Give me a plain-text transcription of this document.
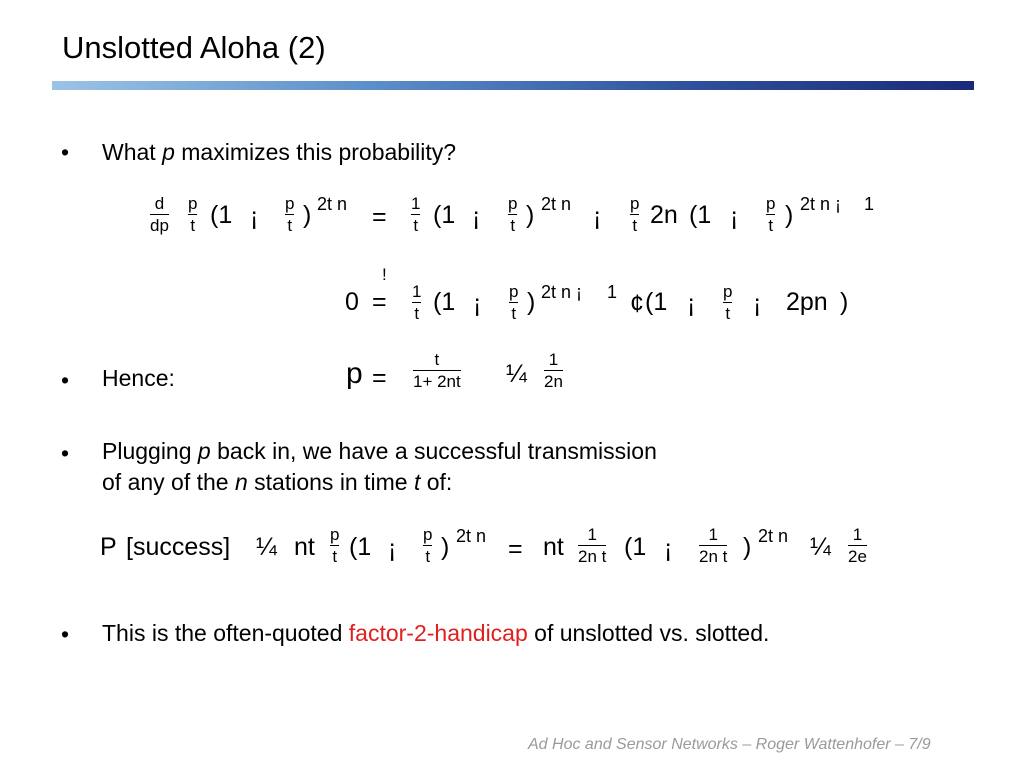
Unslotted Aloha (2)
• What p maximizes this probability?
d
dp
p
t (1 ¡ p
t ) 2t n = 1
t (1 ¡ p
t ) 2t n ¡ p
t 2n (1 ¡ p
t ) 2t n ¡ 1
0
!
= 1
t (1 ¡ p
t ) 2t n ¡ 1 ¢ (1 ¡ p
t ¡ 2pn )
• Hence:	p =
t
1+ 2nt ¼
1
2n
• Plugging p back in, we have a successful transmission
of any of the n stations in time t of:
P [success] ¼ nt p
t (1 ¡
p
t ) 2t n = nt 1
2n t (1 ¡
1
2n t ) 2t n ¼ 1
2e
• This is the often-quoted factor-2-handicap of unslotted vs. slotted.
Ad Hoc and Sensor Networks – Roger Wattenhofer – 7/9
